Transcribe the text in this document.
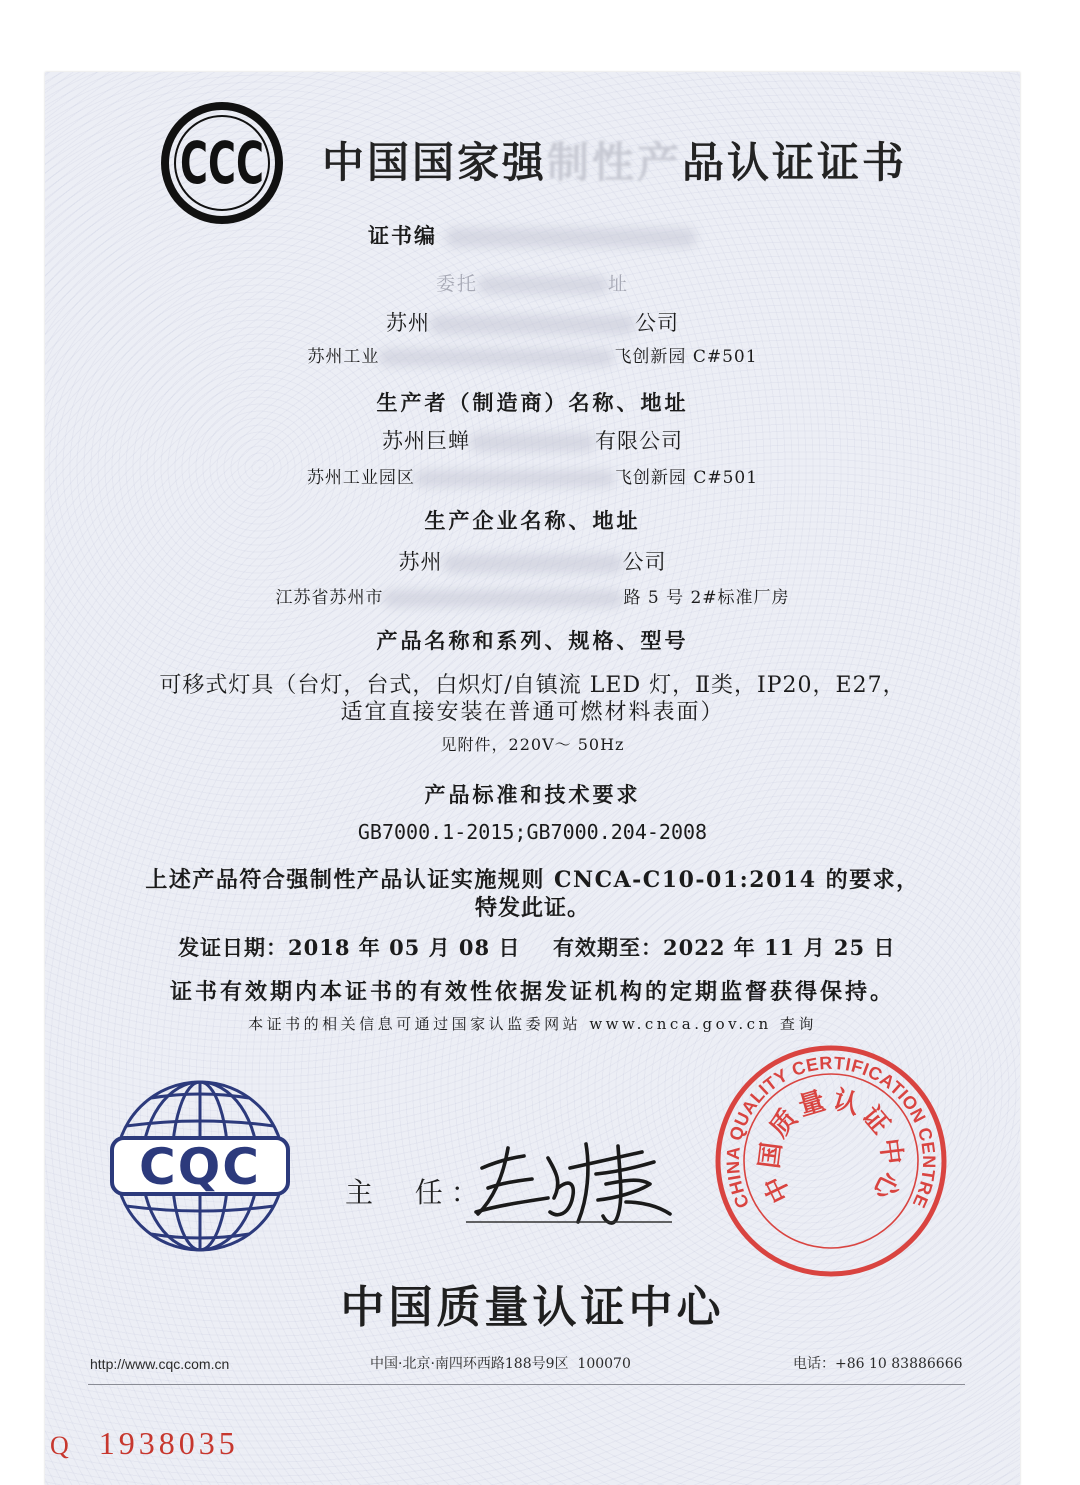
CCC 中国国家强制性产品认证证书
证书编
委托	址
苏州	公司
苏州工业	飞创新园 C#501
生产者（制造商）名称、地址
苏州巨蝉	有限公司
苏州工业园区	飞创新园 C#501
生产企业名称、地址
苏州	公司
江苏省苏州市	路 5 号 2#标准厂房
产品名称和系列、规格、型号
可移式灯具（台灯，台式，白炽灯/自镇流 LED 灯，Ⅱ类，IP20，E27，
适宜直接安装在普通可燃材料表面）
见附件，220V～ 50Hz
产品标准和技术要求
GB7000.1-2015;GB7000.204-2008
上述产品符合强制性产品认证实施规则 CNCA-C10-01:2014 的要求，
特发此证。
发证日期：2018 年 05 月 08 日 有效期至：2022 年 11 月 25 日
证书有效期内本证书的有效性依据发证机构的定期监督获得保持。
本证书的相关信息可通过国家认监委网站 www.cnca.gov.cn 查询
CQC	主  任：	CHINA QUALITY CERTIFICATION CENTRE
中国质量认证中心
中国质量认证中心
http://www.cqc.com.cn	中国·北京·南四环西路188号9区  100070	电话：+86 10 83886666
Q 1938035
